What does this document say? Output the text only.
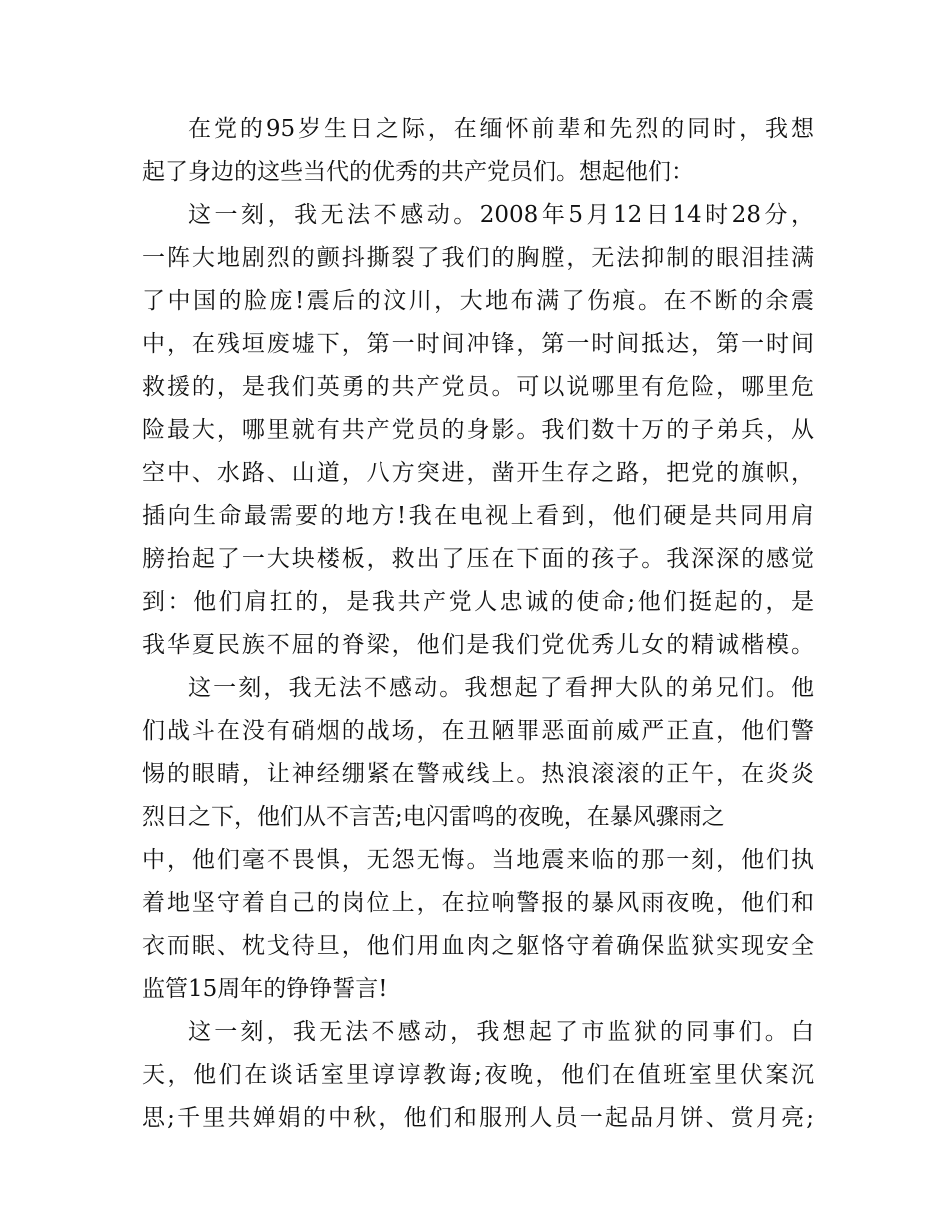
在党的95岁生日之际，在缅怀前辈和先烈的同时，我想
起了身边的这些当代的优秀的共产党员们。想起他们：
这一刻，我无法不感动。2008年5月12日14时28分，
一阵大地剧烈的颤抖撕裂了我们的胸膛，无法抑制的眼泪挂满
了中国的脸庞!震后的汶川，大地布满了伤痕。在不断的余震
中，在残垣废墟下，第一时间冲锋，第一时间抵达，第一时间
救援的，是我们英勇的共产党员。可以说哪里有危险，哪里危
险最大，哪里就有共产党员的身影。我们数十万的子弟兵，从
空中、水路、山道，八方突进，凿开生存之路，把党的旗帜，
插向生命最需要的地方!我在电视上看到，他们硬是共同用肩
膀抬起了一大块楼板，救出了压在下面的孩子。我深深的感觉
到：他们肩扛的，是我共产党人忠诚的使命;他们挺起的，是
我华夏民族不屈的脊梁，他们是我们党优秀儿女的精诚楷模。
这一刻，我无法不感动。我想起了看押大队的弟兄们。他
们战斗在没有硝烟的战场，在丑陋罪恶面前威严正直，他们警
惕的眼睛，让神经绷紧在警戒线上。热浪滚滚的正午，在炎炎
烈日之下，他们从不言苦;电闪雷鸣的夜晚，在暴风骤雨之
中，他们毫不畏惧，无怨无悔。当地震来临的那一刻，他们执
着地坚守着自己的岗位上，在拉响警报的暴风雨夜晚，他们和
衣而眠、枕戈待旦，他们用血肉之躯恪守着确保监狱实现安全
监管15周年的铮铮誓言!
这一刻，我无法不感动，我想起了市监狱的同事们。白
天，他们在谈话室里谆谆教诲;夜晚，他们在值班室里伏案沉
思;千里共婵娟的中秋，他们和服刑人员一起品月饼、赏月亮;
